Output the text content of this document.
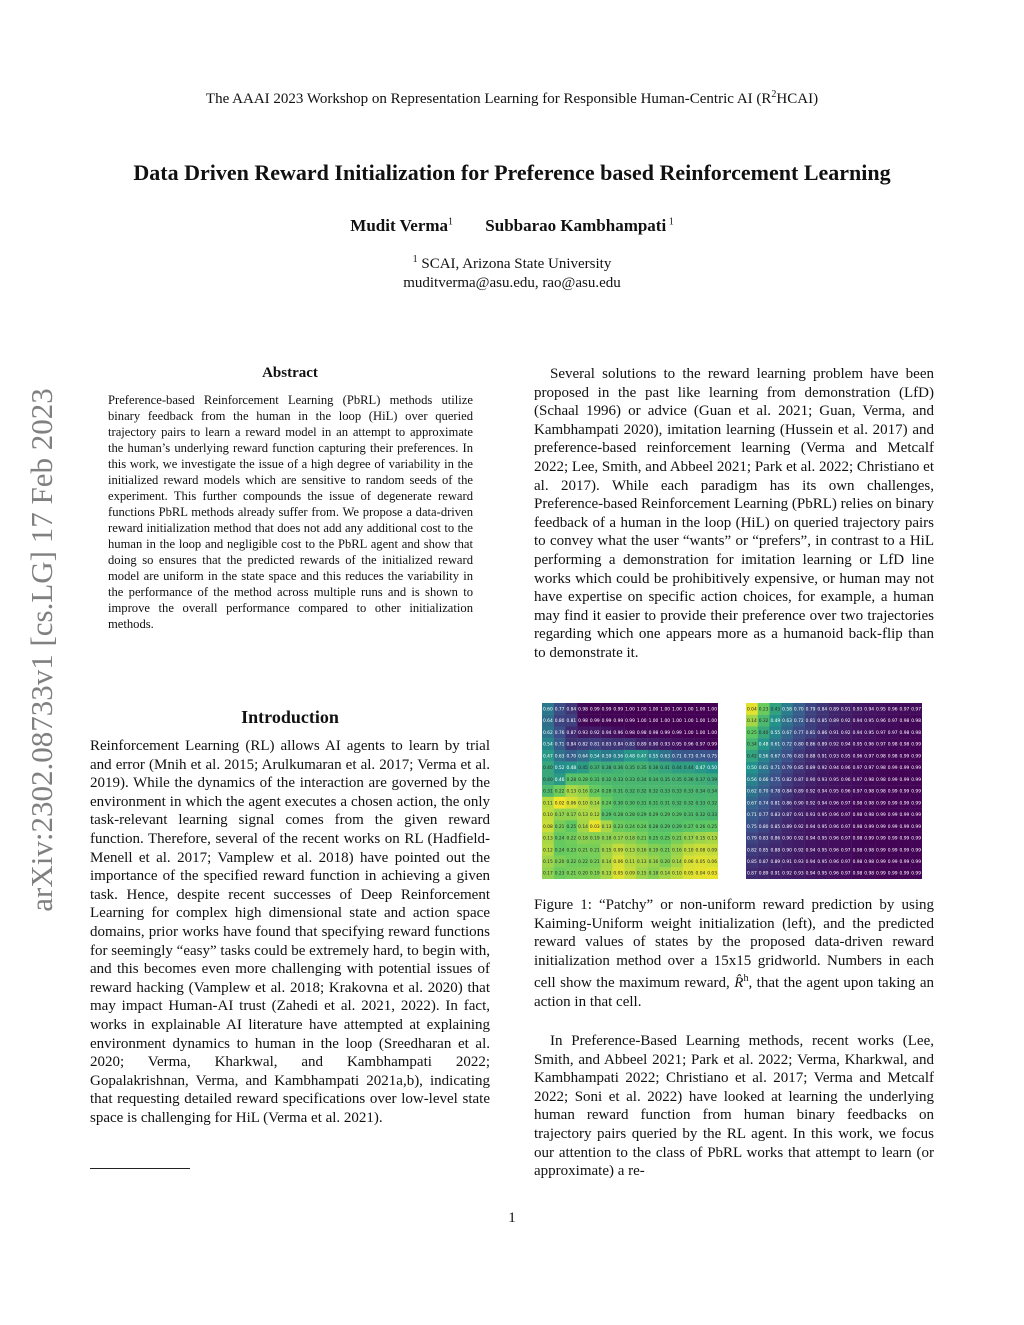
The AAAI 2023 Workshop on Representation Learning for Responsible Human-Centric AI $(R^2HCAI)$
Data Driven Reward Initialization for Preference based Reinforcement Learning
Mudit Verma$^1$ Subbarao Kambhampati $^1$
$^1$ SCAI, Arizona State University
muditverma@asu.edu, rao@asu.edu
arXiv:2302.08733v1 [cs.LG] 17 Feb 2023
Abstract
Preference-based Reinforcement Learning (PbRL) methods utilize binary feedback from the human in the loop (HiL) over queried trajectory pairs to learn a reward model in an attempt to approximate the human’s underlying reward function capturing their preferences. In this work, we investigate the issue of a high degree of variability in the initialized reward models which are sensitive to random seeds of the experiment. This further compounds the issue of degenerate reward functions PbRL methods already suffer from. We propose a data-driven reward initialization method that does not add any additional cost to the human in the loop and negligible cost to the PbRL agent and show that doing so ensures that the predicted rewards of the initialized reward model are uniform in the state space and this reduces the variability in the performance of the method across multiple runs and is shown to improve the overall performance compared to other initialization methods.
Introduction
Reinforcement Learning (RL) allows AI agents to learn by trial and error (Mnih et al. 2015; Arulkumaran et al. 2017; Verma et al. 2019). While the dynamics of the interaction are governed by the environment in which the agent executes a chosen action, the only task-relevant learning signal comes from the given reward function. Therefore, several of the recent works on RL (Hadfield-Menell et al. 2017; Vamplew et al. 2018) have pointed out the importance of the specified reward function in achieving a given task. Hence, despite recent successes of Deep Reinforcement Learning for complex high dimensional state and action space domains, prior works have found that specifying reward functions for seemingly “easy” tasks could be extremely hard, to begin with, and this becomes even more challenging with potential issues of reward hacking (Vamplew et al. 2018; Krakovna et al. 2020) that may impact Human-AI trust (Zahedi et al. 2021, 2022). In fact, works in explainable AI literature have attempted at explaining environment dynamics to human in the loop (Sreedharan et al. 2020; Verma, Kharkwal, and Kambhampati 2022; Gopalakrishnan, Verma, and Kambhampati 2021a,b), indicating that requesting detailed reward specifications over low-level state space is challenging for HiL (Verma et al. 2021).
Several solutions to the reward learning problem have been proposed in the past like learning from demonstration (LfD) (Schaal 1996) or advice (Guan et al. 2021; Guan, Verma, and Kambhampati 2020), imitation learning (Hussein et al. 2017) and preference-based reinforcement learning (Verma and Metcalf 2022; Lee, Smith, and Abbeel 2021; Park et al. 2022; Christiano et al. 2017). While each paradigm has its own challenges, Preference-based Reinforcement Learning (PbRL) relies on binary feedback of a human in the loop (HiL) on queried trajectory pairs to convey what the user “wants” or “prefers”, in contrast to a HiL performing a demonstration for imitation learning or LfD line works which could be prohibitively expensive, or human may not have expertise on specific action choices, for example, a human may find it easier to provide their preference over two trajectories regarding which one appears more as a humanoid back-flip than to demonstrate it.
0.60 0.77 0.84 0.98 0.99 0.99 0.99 1.00 1.00 1.00 1.00 1.00 1.00 1.00 1.00
0.64 0.80 0.81 0.98 0.99 0.99 0.99 0.99 1.00 1.00 1.00 1.00 1.00 1.00 1.00
0.62 0.76 0.87 0.93 0.92 0.94 0.96 0.98 0.98 0.98 0.99 0.99 1.00 1.00 1.00
0.54 0.71 0.84 0.82 0.81 0.83 0.84 0.83 0.89 0.90 0.93 0.95 0.96 0.97 0.99
0.47 0.63 0.70 0.64 0.54 0.59 0.56 0.48 0.47 0.55 0.63 0.71 0.73 0.74 0.75
0.40 0.52 0.48 0.45 0.37 0.38 0.36 0.35 0.35 0.38 0.41 0.44 0.44 0.47 0.50
0.40 0.46 0.28 0.28 0.31 0.32 0.33 0.33 0.34 0.34 0.35 0.35 0.36 0.37 0.39
0.31 0.22 0.13 0.16 0.24 0.28 0.31 0.32 0.32 0.32 0.33 0.33 0.33 0.34 0.34
0.11 0.02 0.06 0.10 0.14 0.24 0.30 0.30 0.31 0.31 0.31 0.32 0.32 0.33 0.32
0.10 0.17 0.17 0.13 0.12 0.29 0.28 0.28 0.29 0.29 0.29 0.29 0.31 0.32 0.33
0.08 0.21 0.25 0.14 0.03 0.13 0.23 0.24 0.24 0.28 0.29 0.29 0.27 0.26 0.25
0.13 0.24 0.22 0.18 0.19 0.18 0.17 0.18 0.21 0.25 0.25 0.21 0.17 0.15 0.13
0.12 0.24 0.23 0.21 0.21 0.15 0.09 0.13 0.16 0.19 0.21 0.16 0.10 0.08 0.09
0.15 0.20 0.22 0.22 0.21 0.14 0.06 0.11 0.13 0.16 0.20 0.14 0.06 0.05 0.06
0.17 0.23 0.21 0.20 0.19 0.13 0.05 0.09 0.15 0.18 0.14 0.10 0.05 0.04 0.03
0.04 0.23 0.43 0.58 0.70 0.79 0.84 0.89 0.91 0.93 0.94 0.95 0.96 0.97 0.97
0.14 0.32 0.49 0.63 0.72 0.81 0.85 0.89 0.92 0.94 0.95 0.96 0.97 0.98 0.98
0.25 0.40 0.55 0.67 0.77 0.81 0.86 0.91 0.92 0.94 0.95 0.97 0.97 0.98 0.98
0.34 0.48 0.61 0.72 0.80 0.86 0.89 0.92 0.94 0.95 0.96 0.97 0.98 0.98 0.99
0.42 0.56 0.67 0.76 0.83 0.88 0.91 0.93 0.95 0.96 0.97 0.98 0.98 0.99 0.99
0.50 0.61 0.71 0.79 0.85 0.89 0.92 0.94 0.96 0.97 0.97 0.98 0.99 0.99 0.99
0.56 0.66 0.75 0.82 0.87 0.90 0.93 0.95 0.96 0.97 0.98 0.98 0.99 0.99 0.99
0.62 0.70 0.78 0.84 0.89 0.92 0.94 0.95 0.96 0.97 0.98 0.98 0.99 0.99 0.99
0.67 0.74 0.81 0.86 0.90 0.92 0.94 0.96 0.97 0.98 0.98 0.99 0.99 0.99 0.99
0.71 0.77 0.83 0.87 0.91 0.93 0.95 0.96 0.97 0.98 0.98 0.99 0.99 0.99 0.99
0.75 0.80 0.85 0.89 0.92 0.94 0.95 0.96 0.97 0.98 0.99 0.99 0.99 0.99 0.99
0.79 0.83 0.86 0.90 0.92 0.94 0.95 0.96 0.97 0.98 0.99 0.99 0.99 0.99 0.99
0.82 0.85 0.88 0.90 0.92 0.94 0.95 0.96 0.97 0.98 0.98 0.99 0.99 0.99 0.99
0.85 0.87 0.89 0.91 0.93 0.94 0.95 0.96 0.97 0.98 0.98 0.99 0.99 0.99 0.99
0.87 0.89 0.91 0.92 0.93 0.94 0.95 0.96 0.97 0.98 0.98 0.99 0.99 0.99 0.99
Figure 1: “Patchy” or non-uniform reward prediction by using Kaiming-Uniform weight initialization (left), and the predicted reward values of states by the proposed data-driven reward initialization method over a 15x15 gridworld. Numbers in each cell show the maximum reward, R̂$^h$, that the agent upon taking an action in that cell.
In Preference-Based Learning methods, recent works (Lee, Smith, and Abbeel 2021; Park et al. 2022; Verma, Kharkwal, and Kambhampati 2022; Christiano et al. 2017; Verma and Metcalf 2022; Soni et al. 2022) have looked at learning the underlying human reward function from human binary feedbacks on trajectory pairs queried by the RL agent. In this work, we focus our attention to the class of PbRL works that attempt to learn (or approximate) a re-
1
